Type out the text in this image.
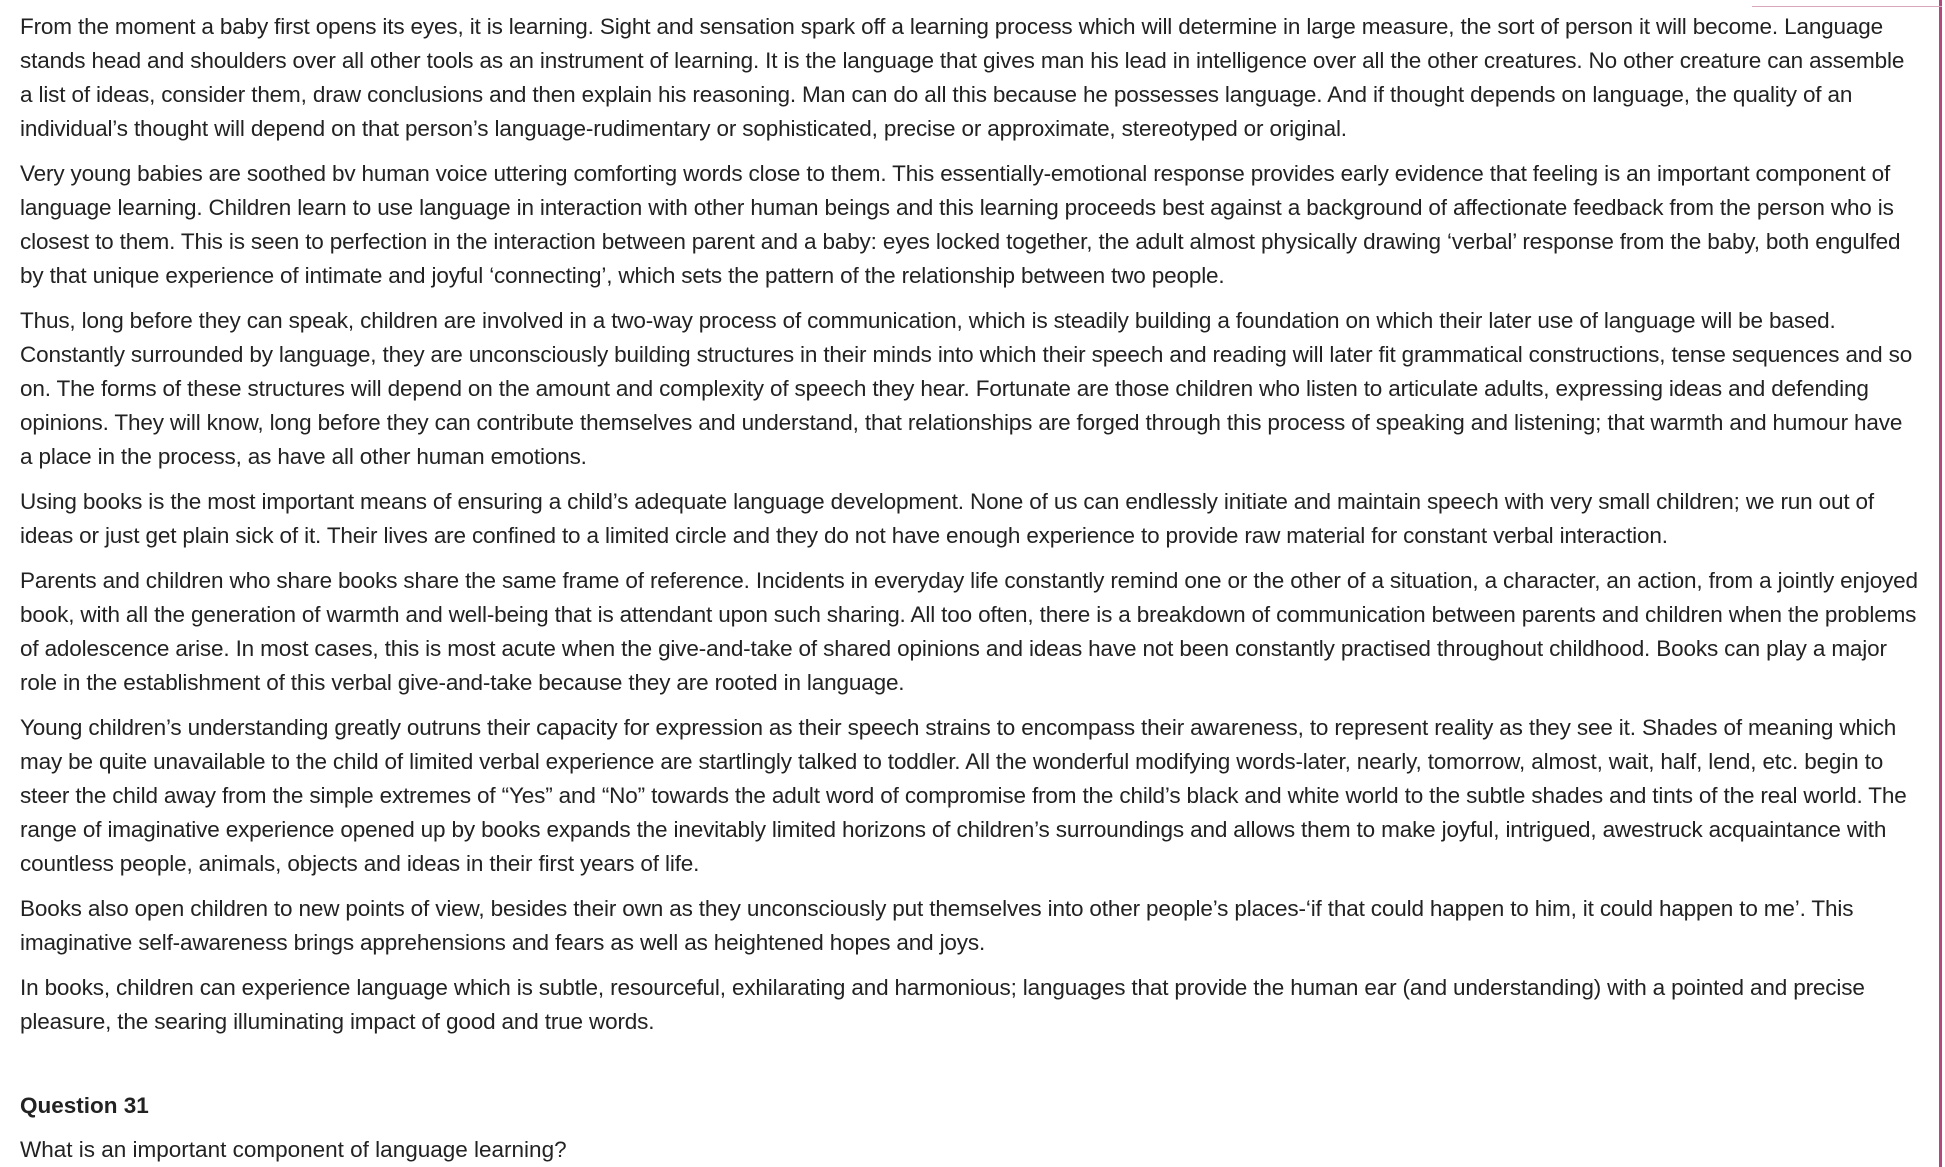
From the moment a baby first opens its eyes, it is learning. Sight and sensation spark off a learning process which will determine in large measure, the sort of person it will become. Language stands head and shoulders over all other tools as an instrument of learning. It is the language that gives man his lead in intelligence over all the other creatures. No other creature can assemble a list of ideas, consider them, draw conclusions and then explain his reasoning. Man can do all this because he possesses language. And if thought depends on language, the quality of an individual’s thought will depend on that person’s language-rudimentary or sophisticated, precise or approximate, stereotyped or original.

Very young babies are soothed bv human voice uttering comforting words close to them. This essentially-emotional response provides early evidence that feeling is an important component of language learning. Children learn to use language in interaction with other human beings and this learning proceeds best against a background of affectionate feedback from the person who is closest to them. This is seen to perfection in the interaction between parent and a baby: eyes locked together, the adult almost physically drawing ‘verbal’ response from the baby, both engulfed by that unique experience of intimate and joyful ‘connecting’, which sets the pattern of the relationship between two people.

Thus, long before they can speak, children are involved in a two-way process of communication, which is steadily building a foundation on which their later use of language will be based. Constantly surrounded by language, they are unconsciously building structures in their minds into which their speech and reading will later fit grammatical constructions, tense sequences and so on. The forms of these structures will depend on the amount and complexity of speech they hear. Fortunate are those children who listen to articulate adults, expressing ideas and defending opinions. They will know, long before they can contribute themselves and understand, that relationships are forged through this process of speaking and listening; that warmth and humour have a place in the process, as have all other human emotions.

Using books is the most important means of ensuring a child’s adequate language development. None of us can endlessly initiate and maintain speech with very small children; we run out of ideas or just get plain sick of it. Their lives are confined to a limited circle and they do not have enough experience to provide raw material for constant verbal interaction.

Parents and children who share books share the same frame of reference. Incidents in everyday life constantly remind one or the other of a situation, a character, an action, from a jointly enjoyed book, with all the generation of warmth and well-being that is attendant upon such sharing. All too often, there is a breakdown of communication between parents and children when the problems of adolescence arise. In most cases, this is most acute when the give-and-take of shared opinions and ideas have not been constantly practised throughout childhood. Books can play a major role in the establishment of this verbal give-and-take because they are rooted in language.

Young children’s understanding greatly outruns their capacity for expression as their speech strains to encompass their awareness, to represent reality as they see it. Shades of meaning which may be quite unavailable to the child of limited verbal experience are startlingly talked to toddler. All the wonderful modifying words-later, nearly, tomorrow, almost, wait, half, lend, etc. begin to steer the child away from the simple extremes of “Yes” and “No” towards the adult word of compromise from the child’s black and white world to the subtle shades and tints of the real world. The range of imaginative experience opened up by books expands the inevitably limited horizons of children’s surroundings and allows them to make joyful, intrigued, awestruck acquaintance with countless people, animals, objects and ideas in their first years of life.

Books also open children to new points of view, besides their own as they unconsciously put themselves into other people’s places-‘if that could happen to him, it could happen to me’. This imaginative self-awareness brings apprehensions and fears as well as heightened hopes and joys.

In books, children can experience language which is subtle, resourceful, exhilarating and harmonious; languages that provide the human ear (and understanding) with a pointed and precise pleasure, the searing illuminating impact of good and true words.

Question 31

What is an important component of language learning?
